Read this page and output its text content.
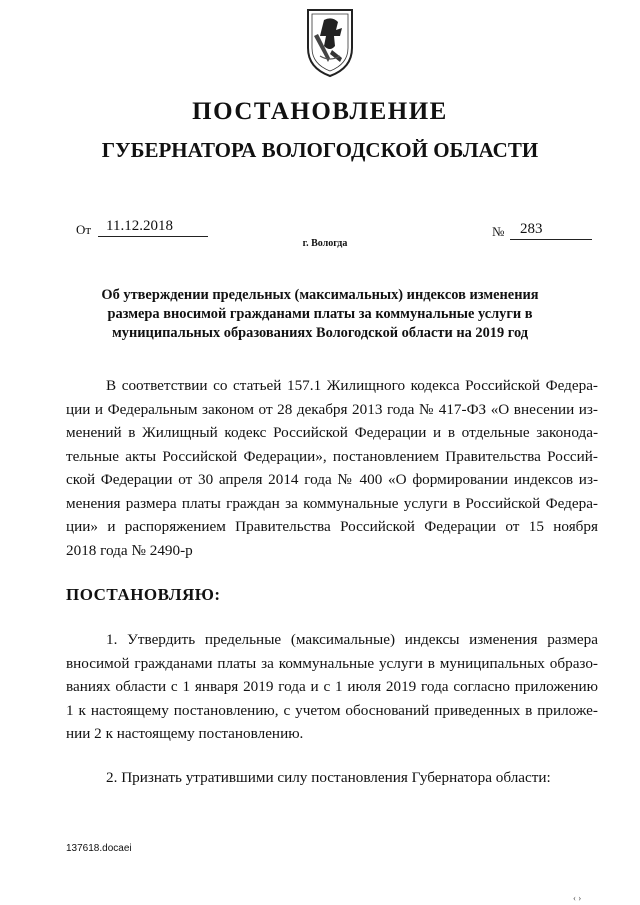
ПОСТАНОВЛЕНИЕ
ГУБЕРНАТОРА ВОЛОГОДСКОЙ ОБЛАСТИ
От 11.12.2018	№	283
г. Вологда
Об утверждении предельных (максимальных) индексов изменения
размера вносимой гражданами платы за коммунальные услуги в
муниципальных образованиях Вологодской области на 2019 год
В соответствии со статьей 157.1 Жилищного кодекса Российской Федера-
ции и Федеральным законом от 28 декабря 2013 года № 417-ФЗ «О внесении из-
менений в Жилищный кодекс Российской Федерации и в отдельные законода-
тельные акты Российской Федерации», постановлением Правительства Россий-
ской Федерации от 30 апреля 2014 года № 400 «О формировании индексов из-
менения размера платы граждан за коммунальные услуги в Российской Федера-
ции» и распоряжением Правительства Российской Федерации от 15 ноября
2018 года № 2490-р
ПОСТАНОВЛЯЮ:
1. Утвердить предельные (максимальные) индексы изменения размера
вносимой гражданами платы за коммунальные услуги в муниципальных образо-
ваниях области с 1 января 2019 года и с 1 июля 2019 года согласно приложению
1 к настоящему постановлению, с учетом обоснований приведенных в приложе-
нии 2 к настоящему постановлению.
2. Признать утратившими силу постановления Губернатора области:
137618.docaei
‹ ›
